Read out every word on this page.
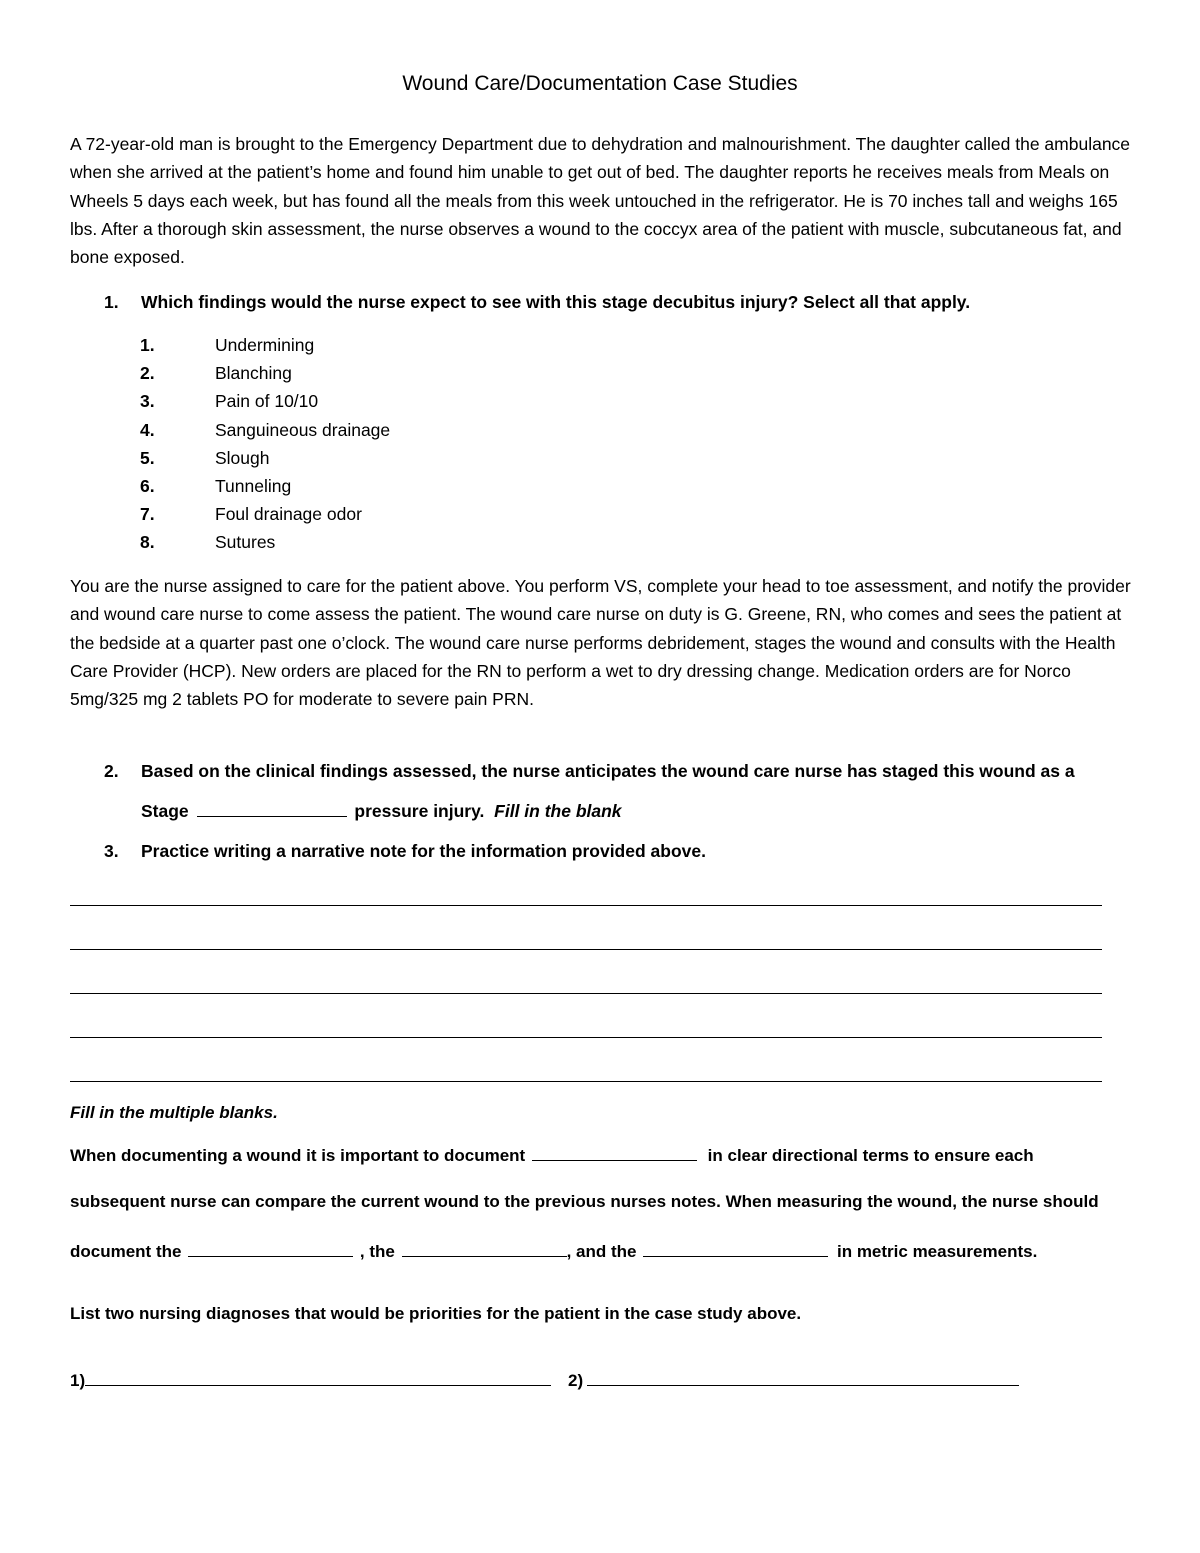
Wound Care/Documentation Case Studies
A 72-year-old man is brought to the Emergency Department due to dehydration and malnourishment. The daughter called the ambulance when she arrived at the patient’s home and found him unable to get out of bed. The daughter reports he receives meals from Meals on Wheels 5 days each week, but has found all the meals from this week untouched in the refrigerator. He is 70 inches tall and weighs 165 lbs. After a thorough skin assessment, the nurse observes a wound to the coccyx area of the patient with muscle, subcutaneous fat, and bone exposed.
1. Which findings would the nurse expect to see with this stage decubitus injury? Select all that apply.
1.	Undermining
2.	Blanching
3.	Pain of 10/10
4.	Sanguineous drainage
5.	Slough
6.	Tunneling
7.	Foul drainage odor
8.	Sutures
You are the nurse assigned to care for the patient above. You perform VS, complete your head to toe assessment, and notify the provider and wound care nurse to come assess the patient. The wound care nurse on duty is G. Greene, RN, who comes and sees the patient at the bedside at a quarter past one o’clock. The wound care nurse performs debridement, stages the wound and consults with the Health Care Provider (HCP). New orders are placed for the RN to perform a wet to dry dressing change. Medication orders are for Norco 5mg/325 mg 2 tablets PO for moderate to severe pain PRN.
2. Based on the clinical findings assessed, the nurse anticipates the wound care nurse has staged this wound as a
Stage	pressure injury. Fill in the blank
3. Practice writing a narrative note for the information provided above.
Fill in the multiple blanks.
When documenting a wound it is important to document	in clear directional terms to ensure each
subsequent nurse can compare the current wound to the previous nurses notes. When measuring the wound, the nurse should
document the	, the	, and the	in metric measurements.
List two nursing diagnoses that would be priorities for the patient in the case study above.
1)	2)
